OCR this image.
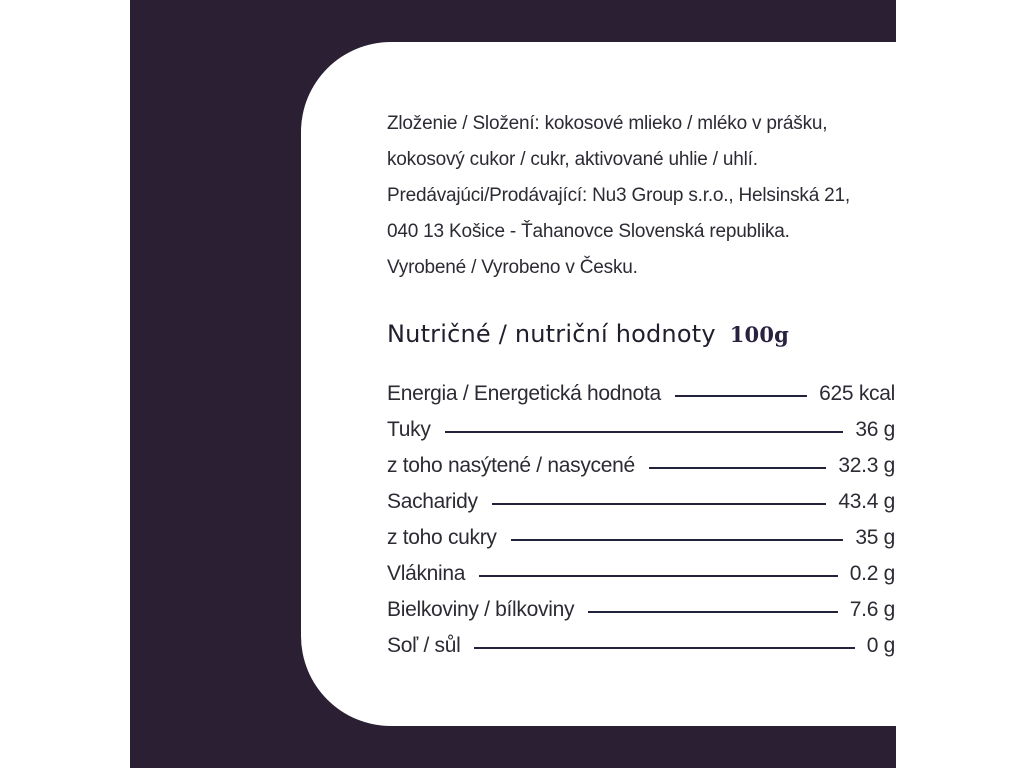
Zloženie / Složení: kokosové mlieko / mléko v prášku,
kokosový cukor / cukr, aktivované uhlie / uhlí.
Predávajúci/Prodávající: Nu3 Group s.r.o., Helsinská 21,
040 13 Košice - Ťahanovce Slovenská republika.
Vyrobené / Vyrobeno v Česku.
Nutričné / nutriční hodnoty 100g
Energia / Energetická hodnota	625 kcal
Tuky	36 g
z toho nasýtené / nasycené	32.3 g
Sacharidy	43.4 g
z toho cukry	35 g
Vláknina	0.2 g
Bielkoviny / bílkoviny	7.6 g
Soľ / sůl	0 g
